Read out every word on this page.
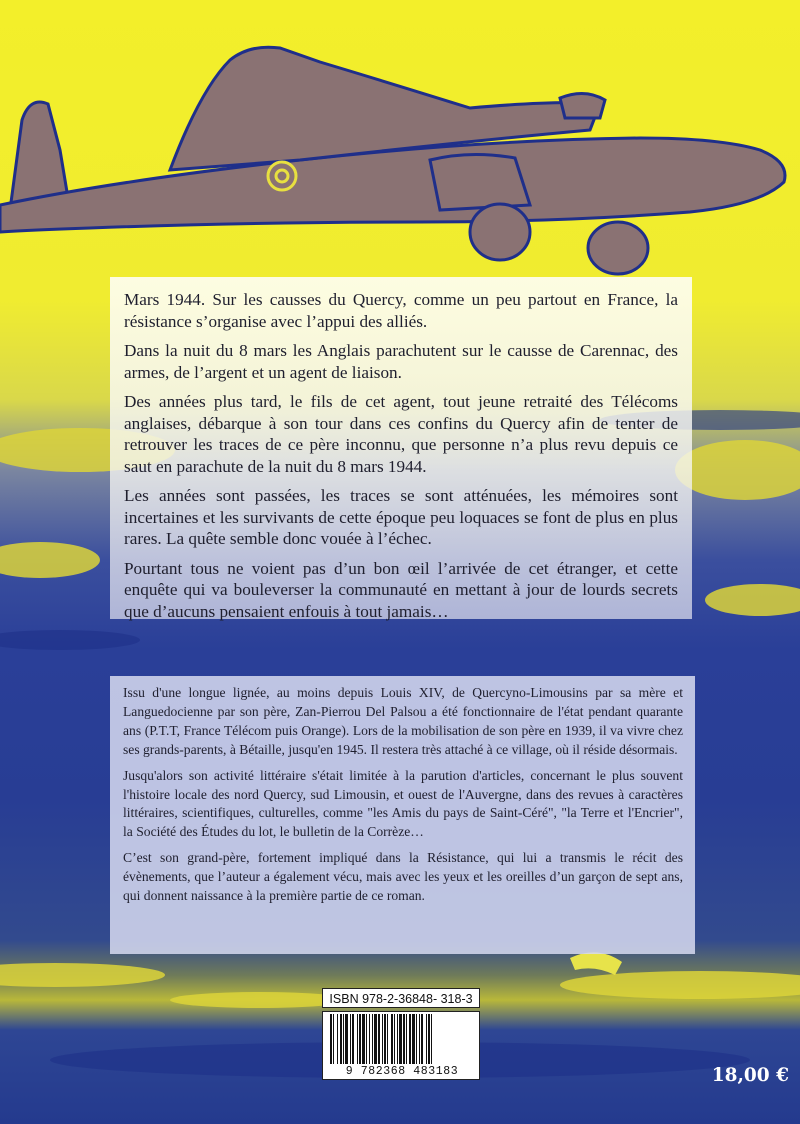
Mars 1944. Sur les causses du Quercy, comme un peu partout en France, la résistance s’organise avec l’appui des alliés.

Dans la nuit du 8 mars les Anglais parachutent sur le causse de Carennac, des armes, de l’argent et un agent de liaison.

Des années plus tard, le fils de cet agent, tout jeune retraité des Télécoms anglaises, débarque à son tour dans ces confins du Quercy afin de tenter de retrouver les traces de ce père inconnu, que personne n’a plus revu depuis ce saut en parachute de la nuit du 8 mars 1944.

Les années sont passées, les traces se sont atténuées, les mémoires sont incertaines et les survivants de cette époque peu loquaces se font de plus en plus rares. La quête semble donc vouée à l’échec.

Pourtant tous ne voient pas d’un bon œil l’arrivée de cet étranger, et cette enquête qui va bouleverser la communauté en mettant à jour de lourds secrets que d’aucuns pensaient enfouis à tout jamais…

Issu d'une longue lignée, au moins depuis Louis XIV, de Quercyno-Limousins par sa mère et Languedocienne par son père, Zan-Pierrou Del Palsou a été fonctionnaire de l'état pendant quarante ans (P.T.T, France Télécom puis Orange). Lors de la mobilisation de son père en 1939, il va vivre chez ses grands-parents, à Bétaille, jusqu'en 1945. Il restera très attaché à ce village, où il réside désormais.

Jusqu'alors son activité littéraire s'était limitée à la parution d'articles, concernant le plus souvent l'histoire locale des nord Quercy, sud Limousin, et ouest de l'Auvergne, dans des revues à caractères littéraires, scientifiques, culturelles, comme "les Amis du pays de Saint-Céré", "la Terre et l'Encrier", la Société des Études du lot, le bulletin de la Corrèze…

C’est son grand-père, fortement impliqué dans la Résistance, qui lui a transmis le récit des évènements, que l’auteur a également vécu, mais avec les yeux et les oreilles d’un garçon de sept ans, qui donnent naissance à la première partie de ce roman.

ISBN 978-2-36848- 318-3
9 782368 483183	18,00 €
